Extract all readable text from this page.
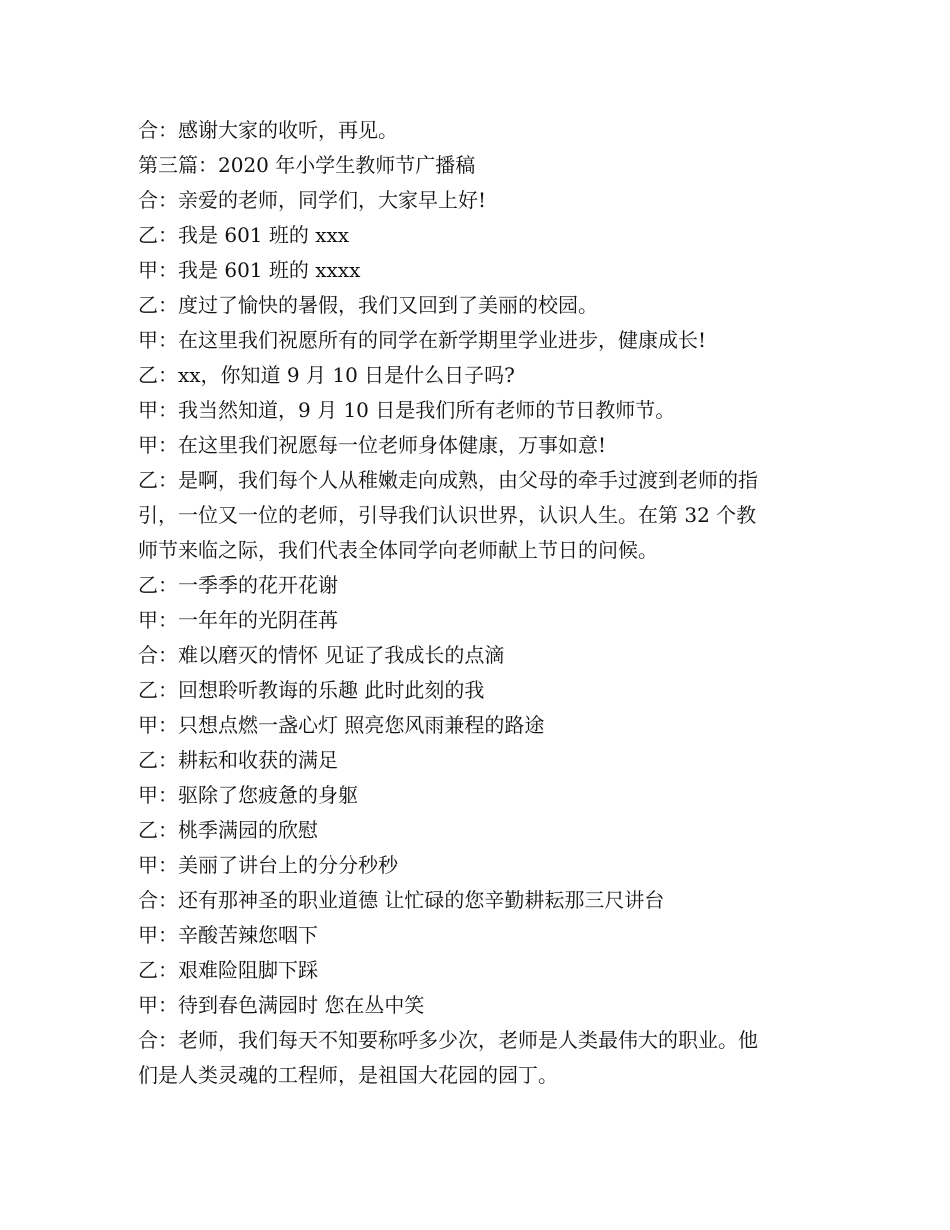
合：感谢大家的收听，再见。
第三篇：2020 年小学生教师节广播稿
合：亲爱的老师，同学们，大家早上好!
乙：我是 601 班的 xxx
甲：我是 601 班的 xxxx
乙：度过了愉快的暑假，我们又回到了美丽的校园。
甲：在这里我们祝愿所有的同学在新学期里学业进步，健康成长!
乙：xx，你知道 9 月 10 日是什么日子吗?
甲：我当然知道，9 月 10 日是我们所有老师的节日教师节。
甲：在这里我们祝愿每一位老师身体健康，万事如意!
乙：是啊，我们每个人从稚嫩走向成熟，由父母的牵手过渡到老师的指
引，一位又一位的老师，引导我们认识世界，认识人生。在第 32 个教
师节来临之际，我们代表全体同学向老师献上节日的问候。
乙：一季季的花开花谢
甲：一年年的光阴荏苒
合：难以磨灭的情怀 见证了我成长的点滴
乙：回想聆听教诲的乐趣 此时此刻的我
甲：只想点燃一盏心灯 照亮您风雨兼程的路途
乙：耕耘和收获的满足
甲：驱除了您疲惫的身躯
乙：桃季满园的欣慰
甲：美丽了讲台上的分分秒秒
合：还有那神圣的职业道德 让忙碌的您辛勤耕耘那三尺讲台
甲：辛酸苦辣您咽下
乙：艰难险阻脚下踩
甲：待到春色满园时 您在丛中笑
合：老师，我们每天不知要称呼多少次，老师是人类最伟大的职业。他
们是人类灵魂的工程师，是祖国大花园的园丁。
